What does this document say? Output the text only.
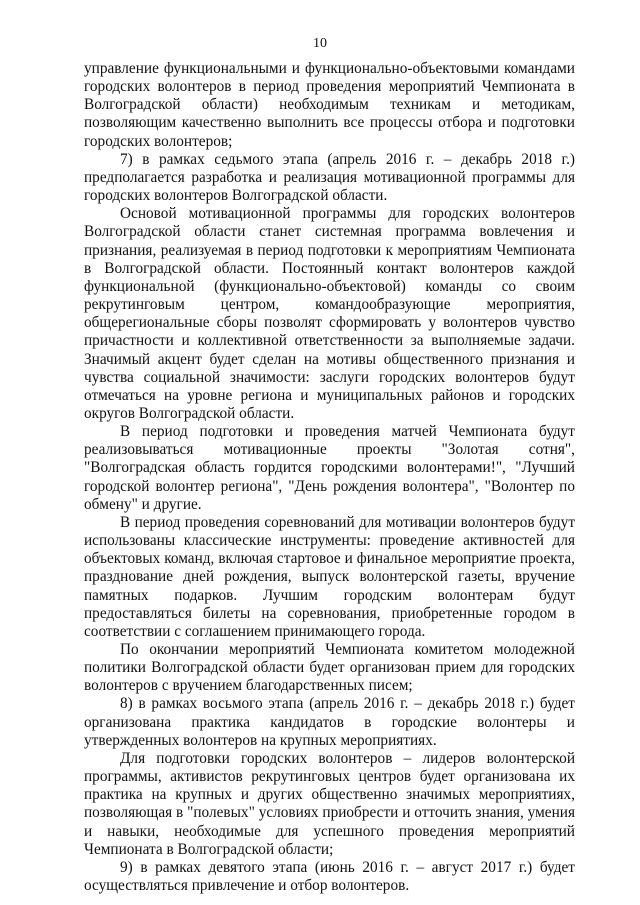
10

управление функциональными и функционально-объектовыми командами городских волонтеров в период проведения мероприятий Чемпионата в Волгоградской области) необходимым техникам и методикам, позволяющим качественно выполнить все процессы отбора и подготовки городских волонтеров;

7) в рамках седьмого этапа (апрель 2016 г. – декабрь 2018 г.) предполагается разработка и реализация мотивационной программы для городских волонтеров Волгоградской области.

Основой мотивационной программы для городских волонтеров Волгоградской области станет системная программа вовлечения и признания, реализуемая в период подготовки к мероприятиям Чемпионата в Волгоградской области. Постоянный контакт волонтеров каждой функциональной (функционально-объектовой) команды со своим рекрутинговым центром, командообразующие мероприятия, общерегиональные сборы позволят сформировать у волонтеров чувство причастности и коллективной ответственности за выполняемые задачи. Значимый акцент будет сделан на мотивы общественного признания и чувства социальной значимости: заслуги городских волонтеров будут отмечаться на уровне региона и муниципальных районов и городских округов Волгоградской области.

В период подготовки и проведения матчей Чемпионата будут реализовываться мотивационные проекты "Золотая сотня", "Волгоградская область гордится городскими волонтерами!", "Лучший городской волонтер региона", "День рождения волонтера", "Волонтер по обмену" и другие.

В период проведения соревнований для мотивации волонтеров будут использованы классические инструменты: проведение активностей для объектовых команд, включая стартовое и финальное мероприятие проекта, празднование дней рождения, выпуск волонтерской газеты, вручение памятных подарков. Лучшим городским волонтерам будут предоставляться билеты на соревнования, приобретенные городом в соответствии с соглашением принимающего города.

По окончании мероприятий Чемпионата комитетом молодежной политики Волгоградской области будет организован прием для городских волонтеров с вручением благодарственных писем;

8) в рамках восьмого этапа (апрель 2016 г. – декабрь 2018 г.) будет организована практика кандидатов в городские волонтеры и утвержденных волонтеров на крупных мероприятиях.

Для подготовки городских волонтеров – лидеров волонтерской программы, активистов рекрутинговых центров будет организована их практика на крупных и других общественно значимых мероприятиях, позволяющая в "полевых" условиях приобрести и отточить знания, умения и навыки, необходимые для успешного проведения мероприятий Чемпионата в Волгоградской области;

9) в рамках девятого этапа (июнь 2016 г. – август 2017 г.) будет осуществляться привлечение и отбор волонтеров.
